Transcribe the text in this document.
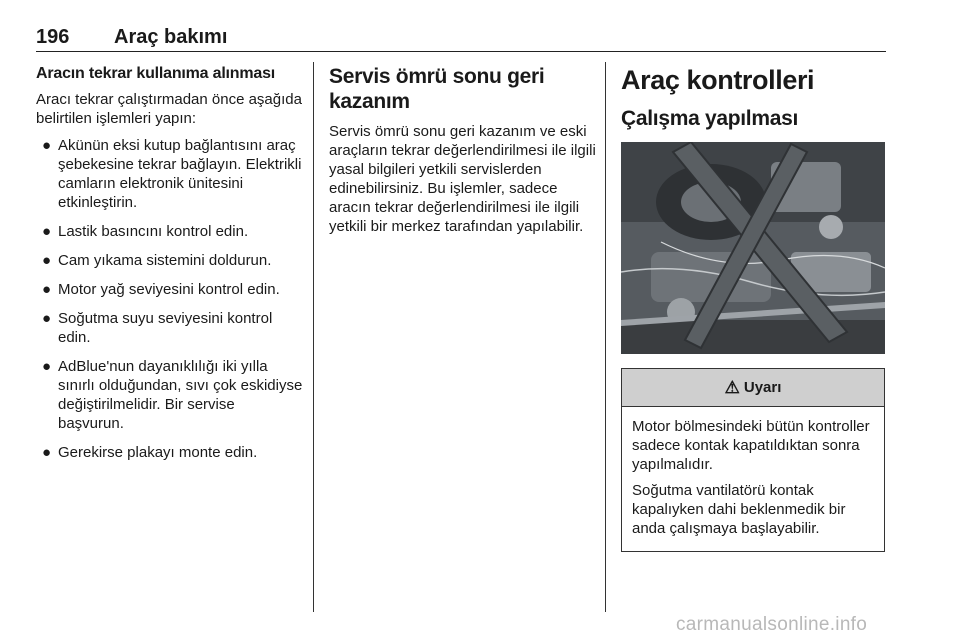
196 Araç bakımı
Aracın tekrar kullanıma alınması
Aracı tekrar çalıştırmadan önce aşağıda belirtilen işlemleri yapın:
● Akünün eksi kutup bağlantısını araç şebekesine tekrar bağlayın. Elektrikli camların elektronik ünitesini etkinleştirin.
● Lastik basıncını kontrol edin.
● Cam yıkama sistemini doldurun.
● Motor yağ seviyesini kontrol edin.
● Soğutma suyu seviyesini kontrol edin.
● AdBlue'nun dayanıklılığı iki yılla sınırlı olduğundan, sıvı çok eskidiyse değiştirilmelidir. Bir servise başvurun.
● Gerekirse plakayı monte edin.
Servis ömrü sonu geri kazanım
Servis ömrü sonu geri kazanım ve eski araçların tekrar değerlendirilmesi ile ilgili yasal bilgileri yetkili servislerden edinebilirsiniz. Bu işlemler, sadece aracın tekrar değerlendirilmesi ile ilgili yetkili bir merkez tarafından yapılabilir.
Araç kontrolleri
Çalışma yapılması
⚠ Uyarı
Motor bölmesindeki bütün kontroller sadece kontak kapatıldıktan sonra yapılmalıdır.
Soğutma vantilatörü kontak kapalıyken dahi beklenmedik bir anda çalışmaya başlayabilir.
carmanualsonline.info
